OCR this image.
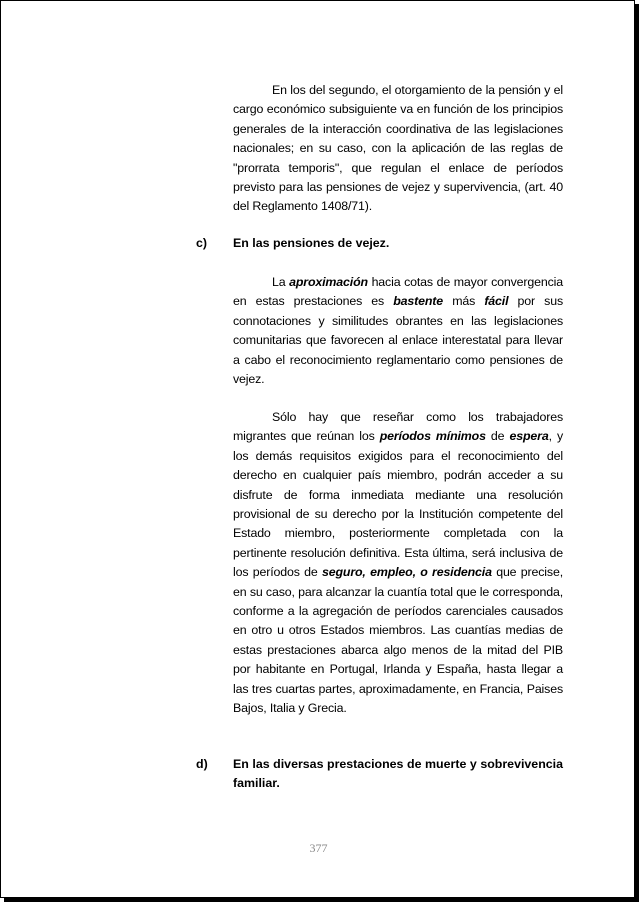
En los del segundo, el otorgamiento de la pensión y el cargo económico subsiguiente va en función de los principios generales de la interacción coordinativa de las legislaciones nacionales; en su caso, con la aplicación de las reglas de "prorrata temporis", que regulan el enlace de períodos previsto para las pensiones de vejez y supervivencia, (art. 40 del Reglamento 1408/71).

c) En las pensiones de vejez.

La aproximación hacia cotas de mayor convergencia en estas prestaciones es bastente más fácil por sus connotaciones y similitudes obrantes en las legislaciones comunitarias que favorecen al enlace interestatal para llevar a cabo el reconocimiento reglamentario como pensiones de vejez.

Sólo hay que reseñar como los trabajadores migrantes que reúnan los períodos mínimos de espera, y los demás requisitos exigidos para el reconocimiento del derecho en cualquier país miembro, podrán acceder a su disfrute de forma inmediata mediante una resolución provisional de su derecho por la Institución competente del Estado miembro, posteriormente completada con la pertinente resolución definitiva. Esta última, será inclusiva de los períodos de seguro, empleo, o residencia que precise, en su caso, para alcanzar la cuantía total que le corresponda, conforme a la agregación de períodos carenciales causados en otro u otros Estados miembros. Las cuantías medias de estas prestaciones abarca algo menos de la mitad del PIB por habitante en Portugal, Irlanda y España, hasta llegar a las tres cuartas partes, aproximadamente, en Francia, Paises Bajos, Italia y Grecia.

d) En las diversas prestaciones de muerte y sobrevivencia familiar.
377
